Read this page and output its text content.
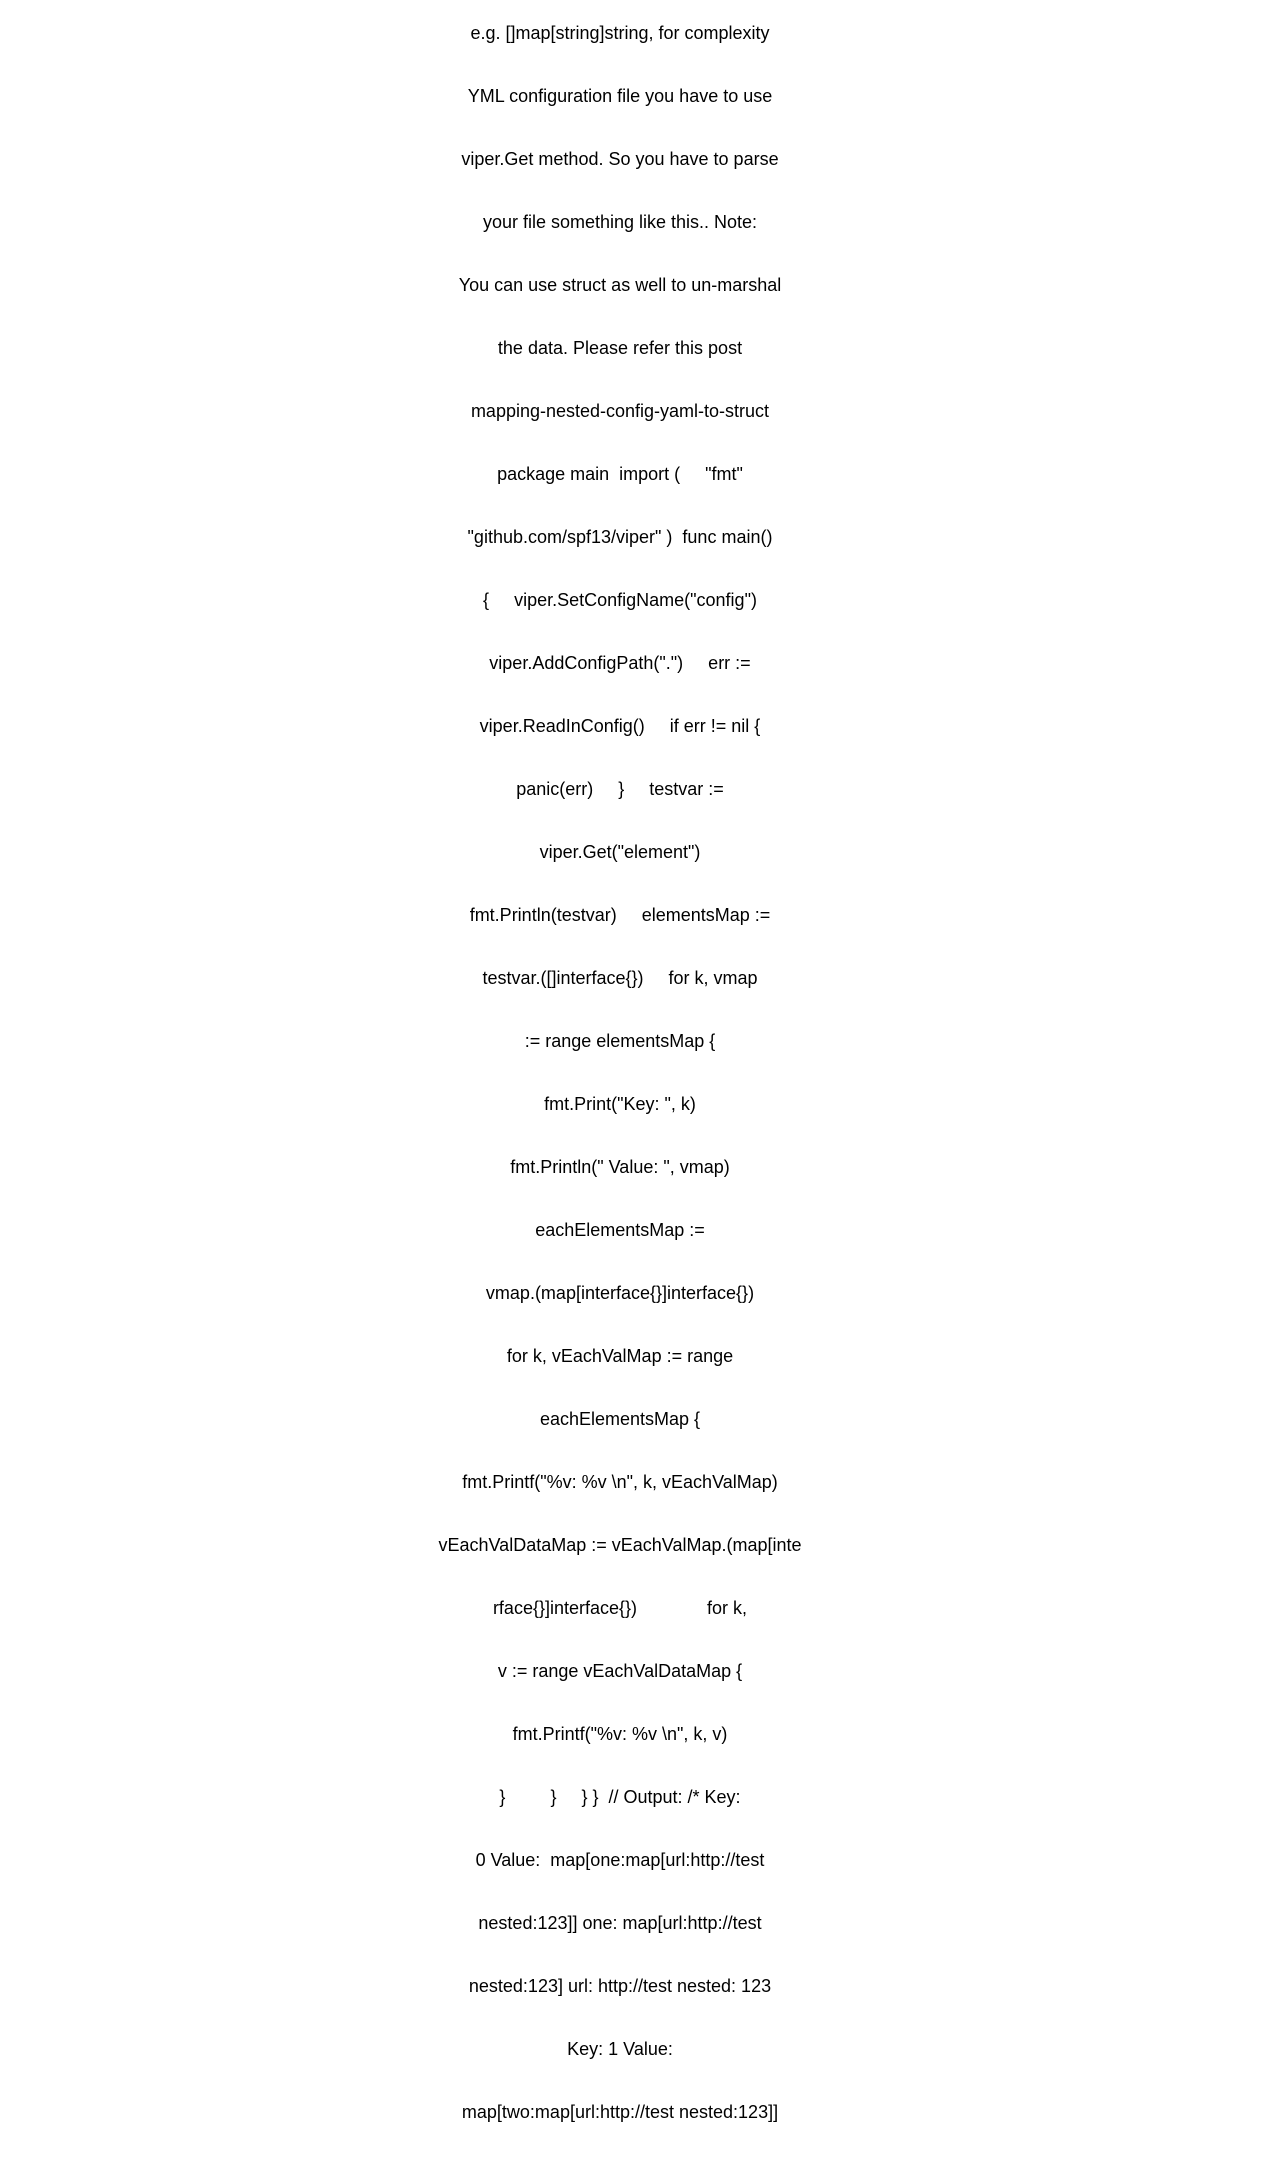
e.g. []map[string]string, for complexity

YML configuration file you have to use

viper.Get method. So you have to parse

your file something like this.. Note:

You can use struct as well to un-marshal

the data. Please refer this post

mapping-nested-config-yaml-to-struct

package main  import (     "fmt"

"github.com/spf13/viper" )  func main()

{     viper.SetConfigName("config")

viper.AddConfigPath(".")     err :=

viper.ReadInConfig()     if err != nil {

panic(err)     }     testvar :=

viper.Get("element")

fmt.Println(testvar)     elementsMap :=

testvar.([]interface{})     for k, vmap

:= range elementsMap {

fmt.Print("Key: ", k)

fmt.Println(" Value: ", vmap)

eachElementsMap :=

vmap.(map[interface{}]interface{})

for k, vEachValMap := range

eachElementsMap {

fmt.Printf("%v: %v \n", k, vEachValMap)

vEachValDataMap := vEachValMap.(map[inte

rface{}]interface{})              for k,

v := range vEachValDataMap {

fmt.Printf("%v: %v \n", k, v)

}         }     } }  // Output: /* Key:

0 Value:  map[one:map[url:http://test

nested:123]] one: map[url:http://test

nested:123] url: http://test nested: 123

Key: 1 Value:

map[two:map[url:http://test nested:123]]
